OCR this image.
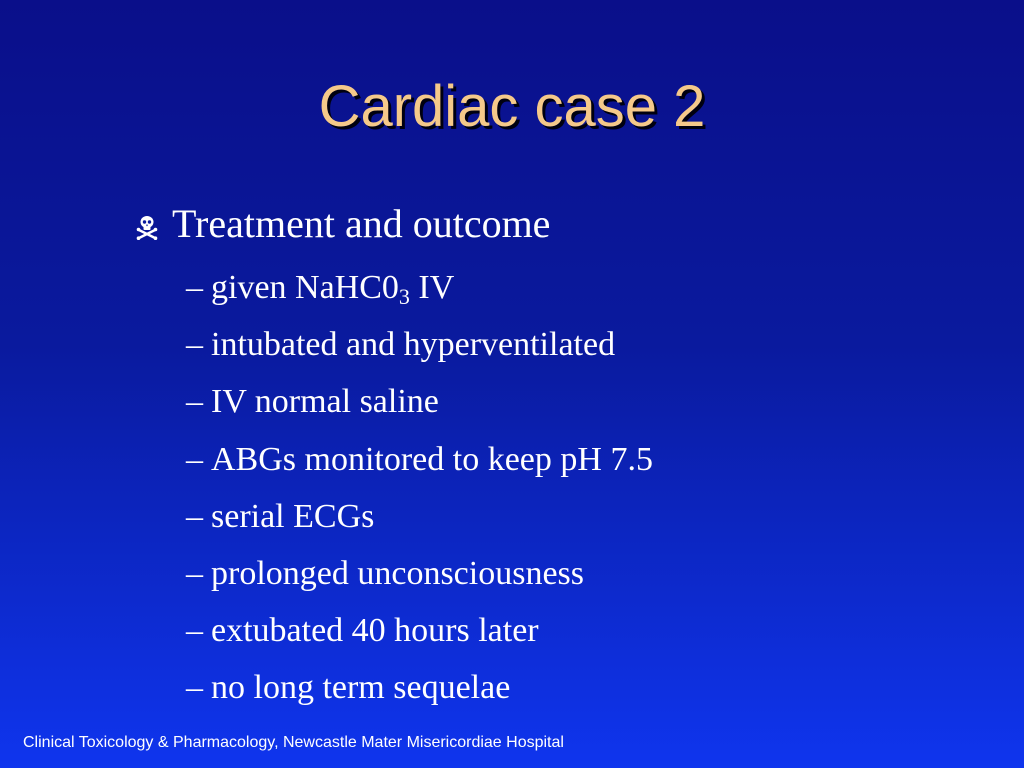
Cardiac case 2
Treatment and outcome
– given $NaHC0_3$ IV
– intubated and hyperventilated
– IV normal saline
– ABGs monitored to keep pH 7.5
– serial ECGs
– prolonged unconsciousness
– extubated 40 hours later
– no long term sequelae
Clinical Toxicology & Pharmacology, Newcastle Mater Misericordiae Hospital
